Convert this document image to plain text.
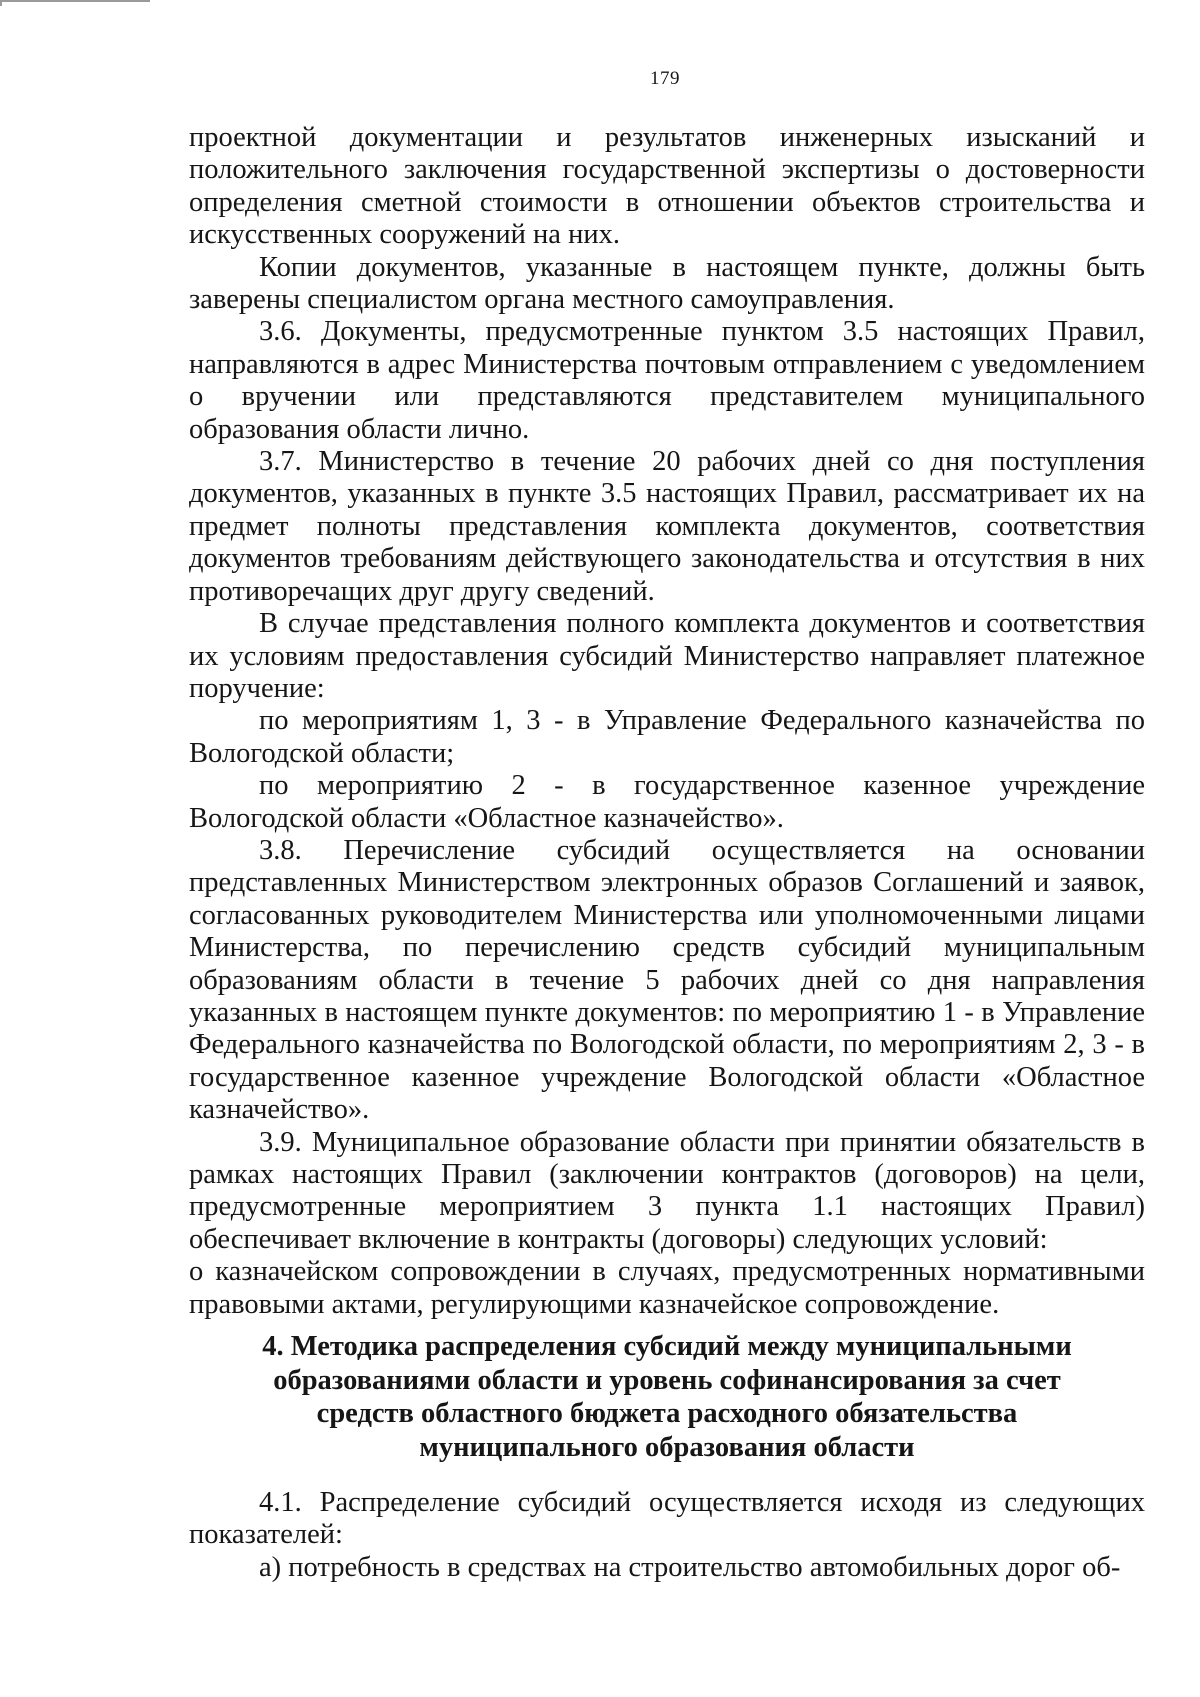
179

проектной документации и результатов инженерных изысканий и положительного заключения государственной экспертизы о достоверности определения сметной стоимости в отношении объектов строительства и искусственных сооружений на них.

Копии документов, указанные в настоящем пункте, должны быть заверены специалистом органа местного самоуправления.

3.6. Документы, предусмотренные пунктом 3.5 настоящих Правил, направляются в адрес Министерства почтовым отправлением с уведомлением о вручении или представляются представителем муниципального образования области лично.

3.7. Министерство в течение 20 рабочих дней со дня поступления документов, указанных в пункте 3.5 настоящих Правил, рассматривает их на предмет полноты представления комплекта документов, соответствия документов требованиям действующего законодательства и отсутствия в них противоречащих друг другу сведений.

В случае представления полного комплекта документов и соответствия их условиям предоставления субсидий Министерство направляет платежное поручение:

по мероприятиям 1, 3 - в Управление Федерального казначейства по Вологодской области;

по мероприятию 2 - в государственное казенное учреждение Вологодской области «Областное казначейство».

3.8. Перечисление субсидий осуществляется на основании представленных Министерством электронных образов Соглашений и заявок, согласованных руководителем Министерства или уполномоченными лицами Министерства, по перечислению средств субсидий муниципальным образованиям области в течение 5 рабочих дней со дня направления указанных в настоящем пункте документов: по мероприятию 1 - в Управление Федерального казначейства по Вологодской области, по мероприятиям 2, 3 - в государственное казенное учреждение Вологодской области «Областное казначейство».

3.9. Муниципальное образование области при принятии обязательств в рамках настоящих Правил (заключении контрактов (договоров) на цели, предусмотренные мероприятием 3 пункта 1.1 настоящих Правил) обеспечивает включение в контракты (договоры) следующих условий:

о казначейском сопровождении в случаях, предусмотренных нормативными правовыми актами, регулирующими казначейское сопровождение.

4. Методика распределения субсидий между муниципальными
образованиями области и уровень софинансирования за счет
средств областного бюджета расходного обязательства
муниципального образования области

4.1. Распределение субсидий осуществляется исходя из следующих показателей:

а) потребность в средствах на строительство автомобильных дорог об-
